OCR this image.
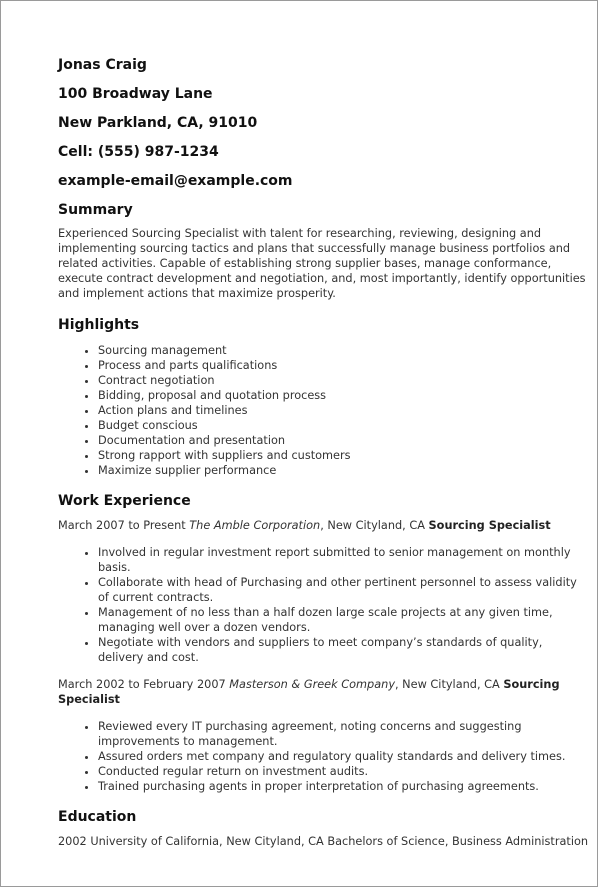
Jonas Craig
100 Broadway Lane
New Parkland, CA, 91010
Cell: (555) 987-1234
example-email@example.com
Summary

Experienced Sourcing Specialist with talent for researching, reviewing, designing and implementing sourcing tactics and plans that successfully manage business portfolios and related activities. Capable of establishing strong supplier bases, manage conformance, execute contract development and negotiation, and, most importantly, identify opportunities and implement actions that maximize prosperity.

Highlights
• Sourcing management
• Process and parts qualifications
• Contract negotiation
• Bidding, proposal and quotation process
• Action plans and timelines
• Budget conscious
• Documentation and presentation
• Strong rapport with suppliers and customers
• Maximize supplier performance
Work Experience

March 2007 to Present The Amble Corporation, New Cityland, CA Sourcing Specialist

• Involved in regular investment report submitted to senior management on monthly basis.
• Collaborate with head of Purchasing and other pertinent personnel to assess validity of current contracts.
• Management of no less than a half dozen large scale projects at any given time, managing well over a dozen vendors.
• Negotiate with vendors and suppliers to meet company’s standards of quality, delivery and cost.

March 2002 to February 2007 Masterson & Greek Company, New Cityland, CA Sourcing Specialist

• Reviewed every IT purchasing agreement, noting concerns and suggesting improvements to management.
• Assured orders met company and regulatory quality standards and delivery times.
• Conducted regular return on investment audits.
• Trained purchasing agents in proper interpretation of purchasing agreements.
Education

2002 University of California, New Cityland, CA Bachelors of Science, Business Administration
